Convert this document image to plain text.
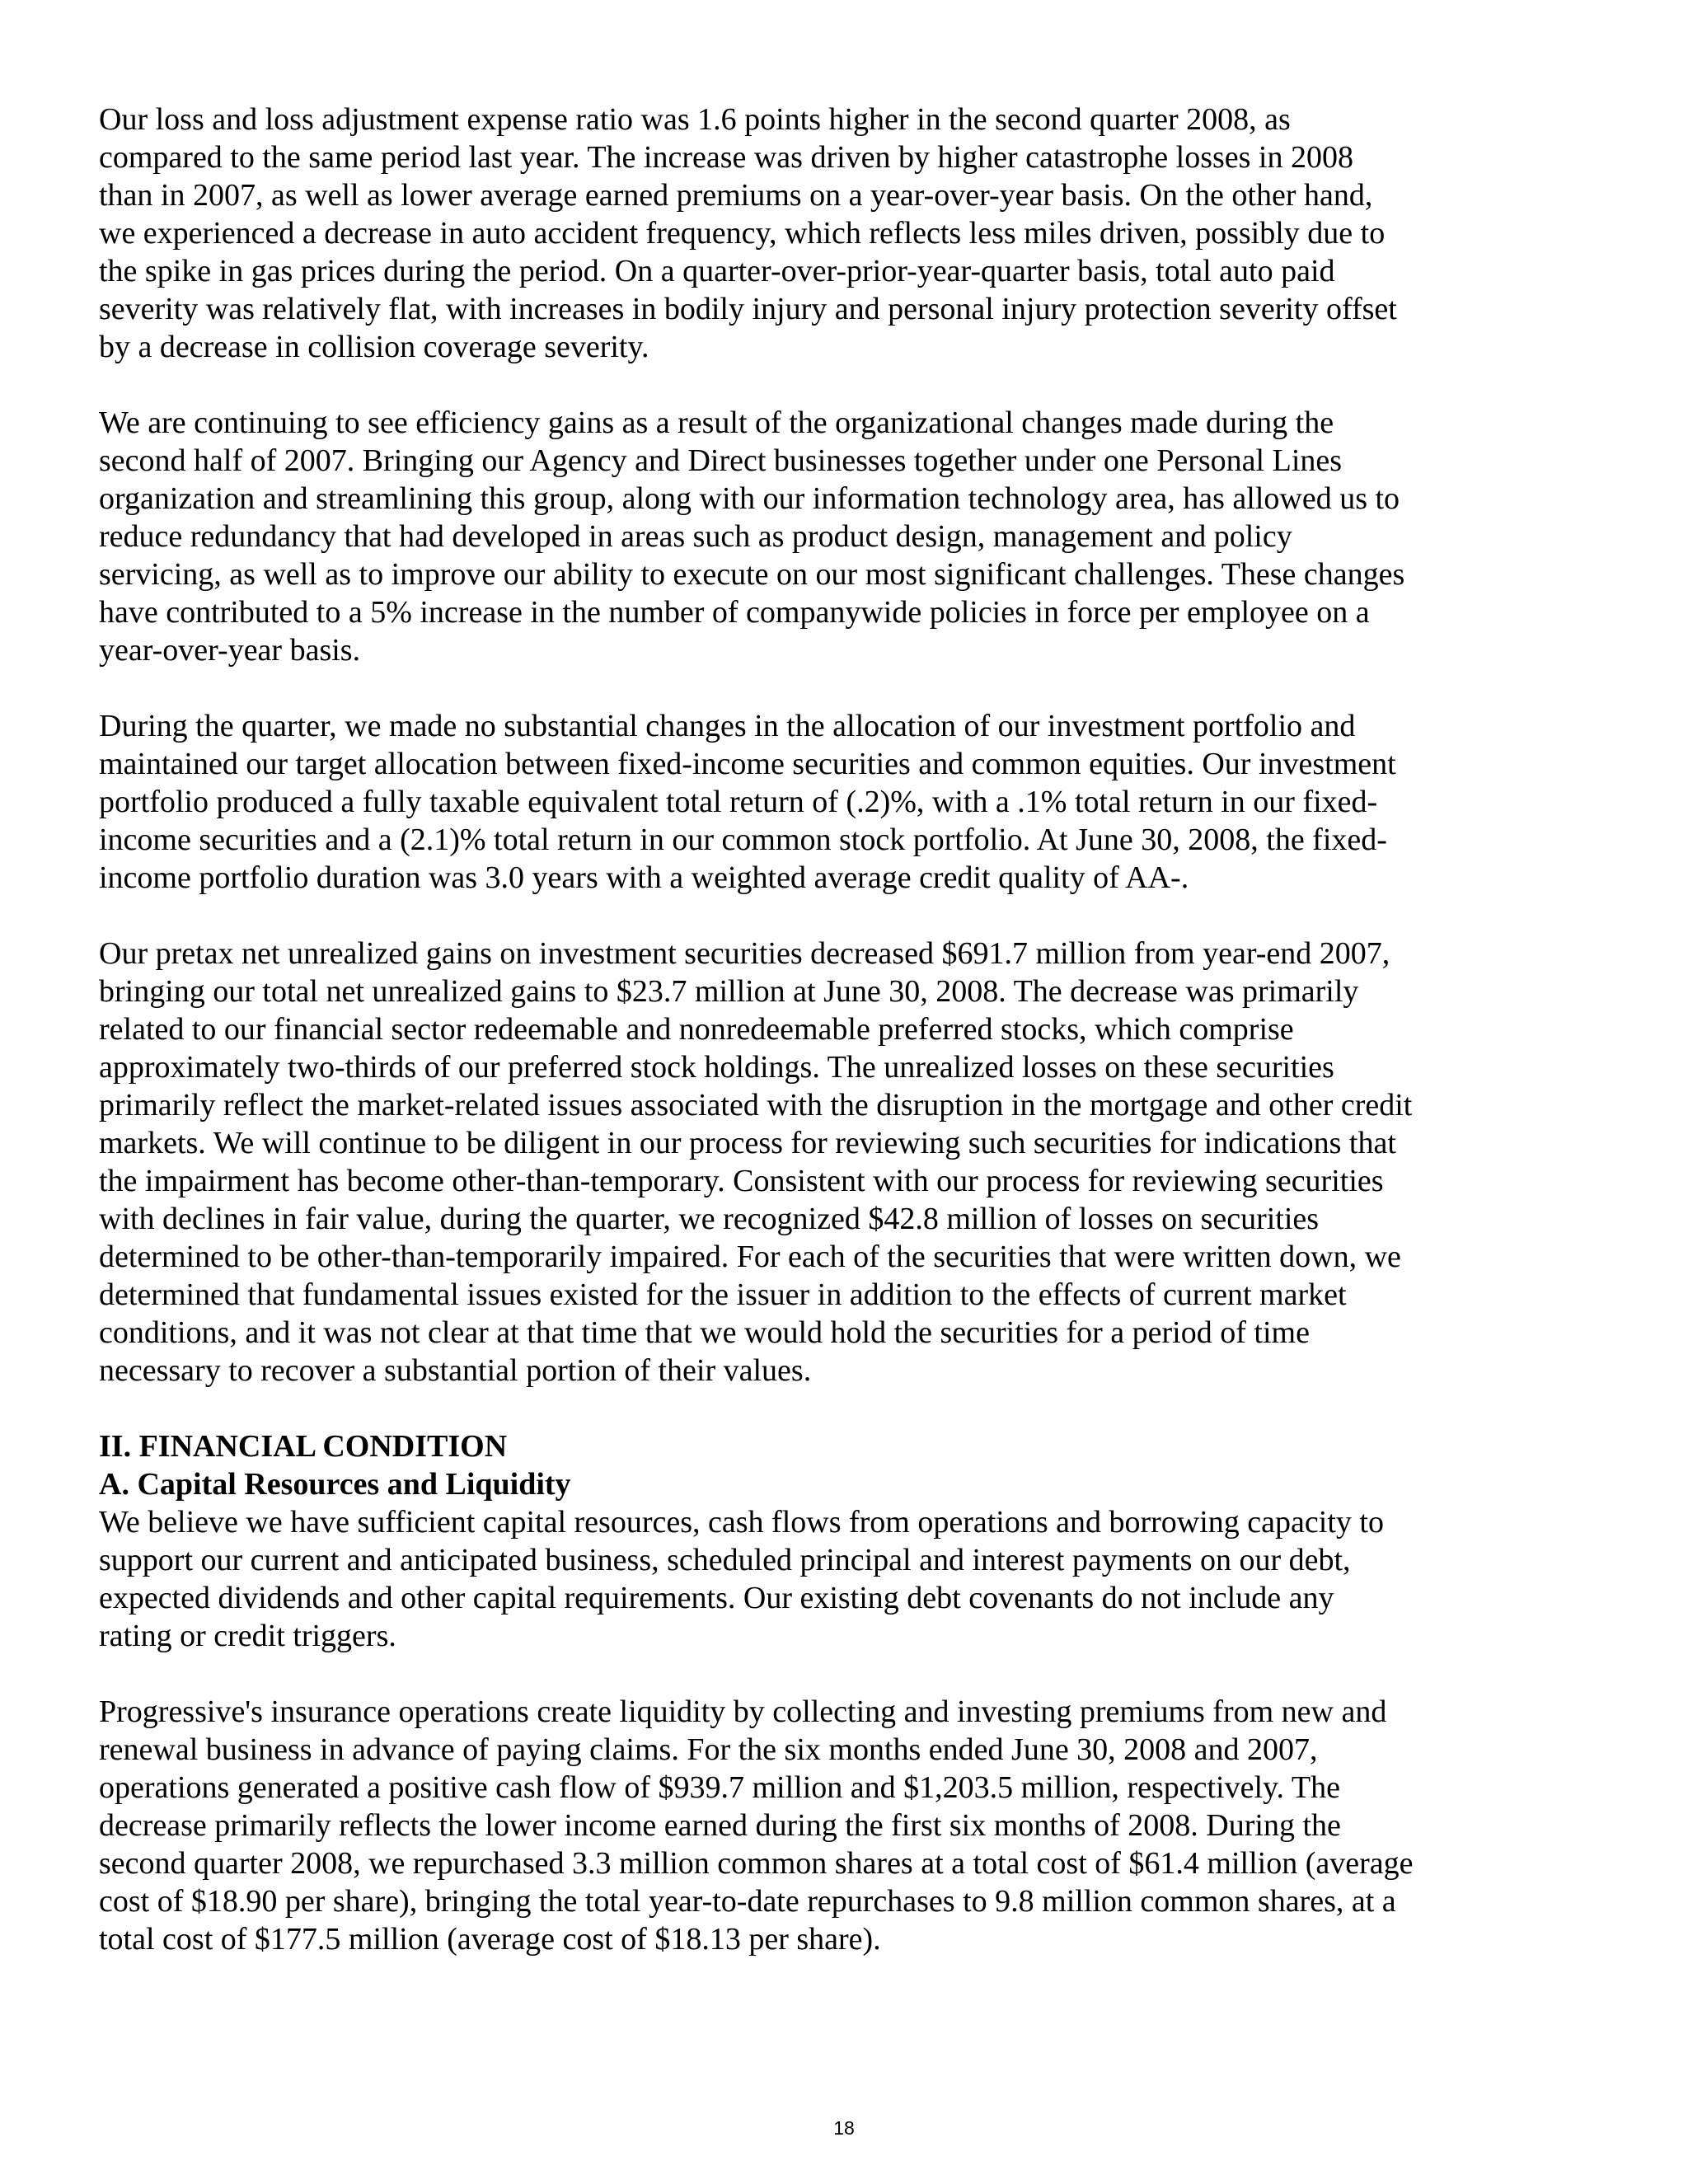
Our loss and loss adjustment expense ratio was 1.6 points higher in the second quarter 2008, as
compared to the same period last year. The increase was driven by higher catastrophe losses in 2008
than in 2007, as well as lower average earned premiums on a year-over-year basis. On the other hand,
we experienced a decrease in auto accident frequency, which reflects less miles driven, possibly due to
the spike in gas prices during the period. On a quarter-over-prior-year-quarter basis, total auto paid
severity was relatively flat, with increases in bodily injury and personal injury protection severity offset
by a decrease in collision coverage severity.
We are continuing to see efficiency gains as a result of the organizational changes made during the
second half of 2007. Bringing our Agency and Direct businesses together under one Personal Lines
organization and streamlining this group, along with our information technology area, has allowed us to
reduce redundancy that had developed in areas such as product design, management and policy
servicing, as well as to improve our ability to execute on our most significant challenges. These changes
have contributed to a 5% increase in the number of companywide policies in force per employee on a
year-over-year basis.
During the quarter, we made no substantial changes in the allocation of our investment portfolio and
maintained our target allocation between fixed-income securities and common equities. Our investment
portfolio produced a fully taxable equivalent total return of (.2)%, with a .1% total return in our fixed-
income securities and a (2.1)% total return in our common stock portfolio. At June 30, 2008, the fixed-
income portfolio duration was 3.0 years with a weighted average credit quality of AA-.
Our pretax net unrealized gains on investment securities decreased $691.7 million from year-end 2007,
bringing our total net unrealized gains to $23.7 million at June 30, 2008. The decrease was primarily
related to our financial sector redeemable and nonredeemable preferred stocks, which comprise
approximately two-thirds of our preferred stock holdings. The unrealized losses on these securities
primarily reflect the market-related issues associated with the disruption in the mortgage and other credit
markets. We will continue to be diligent in our process for reviewing such securities for indications that
the impairment has become other-than-temporary. Consistent with our process for reviewing securities
with declines in fair value, during the quarter, we recognized $42.8 million of losses on securities
determined to be other-than-temporarily impaired. For each of the securities that were written down, we
determined that fundamental issues existed for the issuer in addition to the effects of current market
conditions, and it was not clear at that time that we would hold the securities for a period of time
necessary to recover a substantial portion of their values.
II. FINANCIAL CONDITION
A. Capital Resources and Liquidity
We believe we have sufficient capital resources, cash flows from operations and borrowing capacity to
support our current and anticipated business, scheduled principal and interest payments on our debt,
expected dividends and other capital requirements. Our existing debt covenants do not include any
rating or credit triggers.
Progressive's insurance operations create liquidity by collecting and investing premiums from new and
renewal business in advance of paying claims. For the six months ended June 30, 2008 and 2007,
operations generated a positive cash flow of $939.7 million and $1,203.5 million, respectively. The
decrease primarily reflects the lower income earned during the first six months of 2008. During the
second quarter 2008, we repurchased 3.3 million common shares at a total cost of $61.4 million (average
cost of $18.90 per share), bringing the total year-to-date repurchases to 9.8 million common shares, at a
total cost of $177.5 million (average cost of $18.13 per share).
18
